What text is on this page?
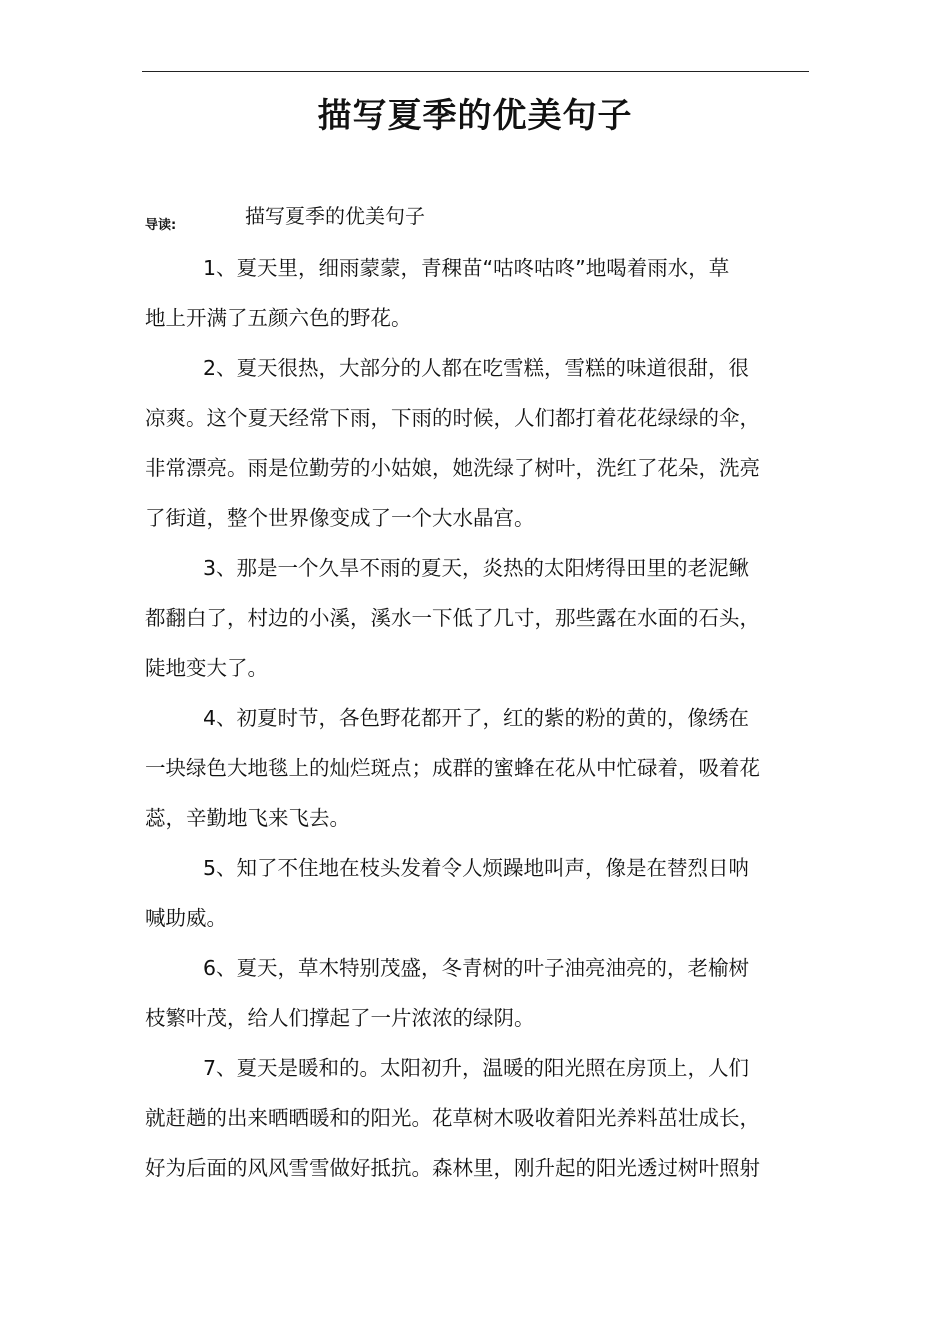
描写夏季的优美句子
导读:	描写夏季的优美句子
1、夏天里，细雨蒙蒙，青稞苗“咕咚咕咚”地喝着雨水，草
地上开满了五颜六色的野花。
2、夏天很热，大部分的人都在吃雪糕，雪糕的味道很甜，很
凉爽。这个夏天经常下雨，下雨的时候，人们都打着花花绿绿的伞，
非常漂亮。雨是位勤劳的小姑娘，她洗绿了树叶，洗红了花朵，洗亮
了街道，整个世界像变成了一个大水晶宫。
3、那是一个久旱不雨的夏天，炎热的太阳烤得田里的老泥鳅
都翻白了，村边的小溪，溪水一下低了几寸，那些露在水面的石头，
陡地变大了。
4、初夏时节，各色野花都开了，红的紫的粉的黄的，像绣在
一块绿色大地毯上的灿烂斑点；成群的蜜蜂在花从中忙碌着，吸着花
蕊，辛勤地飞来飞去。
5、知了不住地在枝头发着令人烦躁地叫声，像是在替烈日呐
喊助威。
6、夏天，草木特别茂盛，冬青树的叶子油亮油亮的，老榆树
枝繁叶茂，给人们撑起了一片浓浓的绿阴。
7、夏天是暖和的。太阳初升，温暖的阳光照在房顶上，人们
就赶趟的出来晒晒暖和的阳光。花草树木吸收着阳光养料茁壮成长，
好为后面的风风雪雪做好抵抗。森林里，刚升起的阳光透过树叶照射
